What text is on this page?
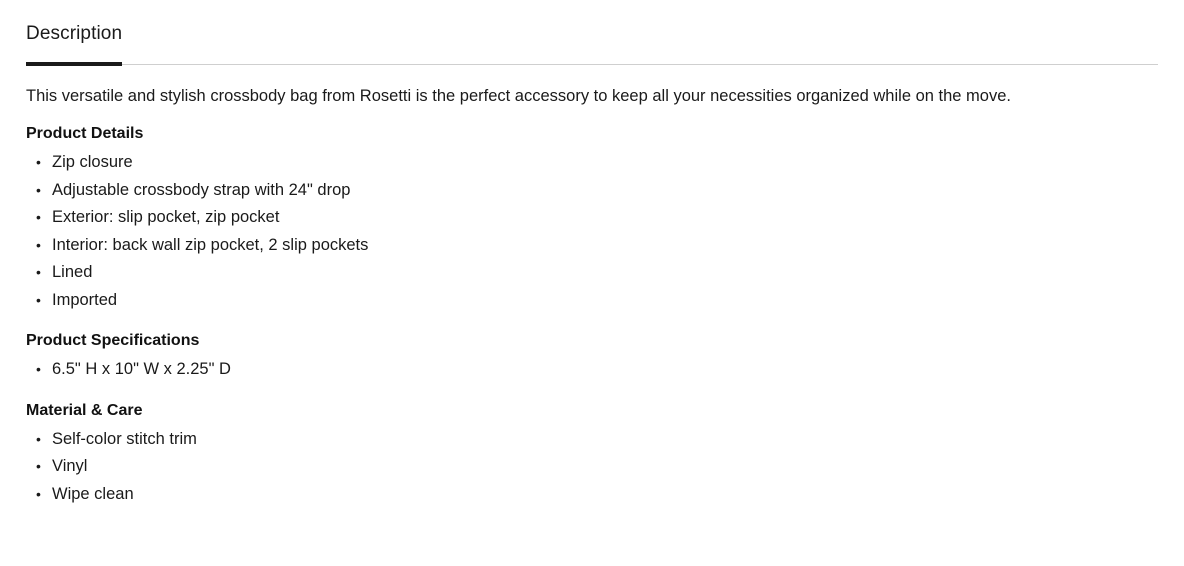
Description

This versatile and stylish crossbody bag from Rosetti is the perfect accessory to keep all your necessities organized while on the move.

Product Details
• Zip closure
• Adjustable crossbody strap with 24" drop
• Exterior: slip pocket, zip pocket
• Interior: back wall zip pocket, 2 slip pockets
• Lined
• Imported
Product Specifications
• 6.5" H x 10" W x 2.25" D
Material & Care
• Self-color stitch trim
• Vinyl
• Wipe clean
